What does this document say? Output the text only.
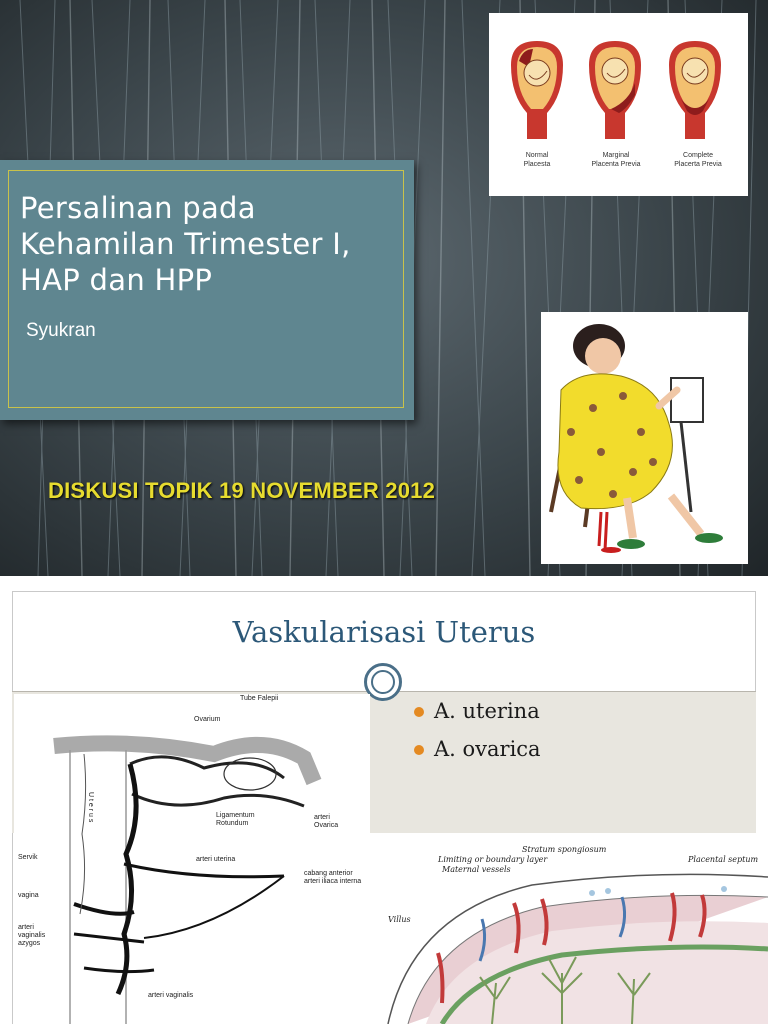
Persalinan pada
Kehamilan Trimester I,
HAP dan HPP

Syukran

DISKUSI TOPIK 19 NOVEMBER 2012

Normal
Placesta
Marginal
Placenta Previa
Complete
Placerta Previa
Vaskularisasi Uterus
A. uterina
A. ovarica
Tube Falepii
Ovarium
U t e r u s	Ligamentum
Rotundum
arteri
Ovarica
Servik	arteri uterina
cabang anterior
arteri iliaca interna
vagina
arteri
vaginalis
azygos
arteri vaginalis
Stratum spongiosum
Limiting or boundary layer
Maternal vessels
Placental septum
Villus
